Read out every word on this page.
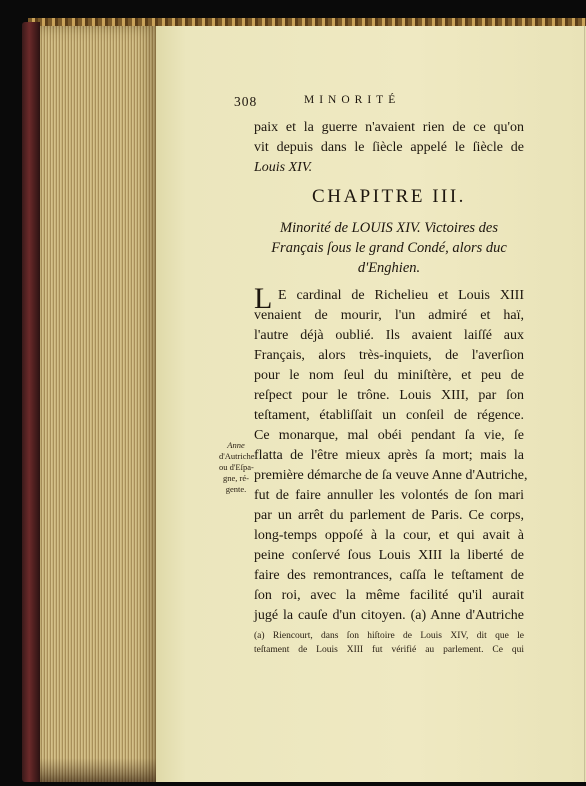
308	MINORITÉ
paix et la guerre n'avaient rien de ce qu'on
vit depuis dans le ſiècle appelé le ſiècle de
Louis XIV.
CHAPITRE III.
Minorité de LOUIS XIV. Victoires des
Français ſous le grand Condé, alors duc
d'Enghien.
L E cardinal de Richelieu et Louis XIII
venaient de mourir, l'un admiré et haï,
l'autre déjà oublié. Ils avaient laiſſé aux
Français, alors très-inquiets, de l'averſion
pour le nom ſeul du miniſtère, et peu de
reſpect pour le trône. Louis XIII, par ſon
teſtament, établiſſait un conſeil de régence.
Ce monarque, mal obéi pendant ſa vie, ſe
flatta de l'être mieux après ſa mort; mais la
première démarche de ſa veuve Anne d'Autriche,
fut de faire annuller les volontés de ſon mari
par un arrêt du parlement de Paris. Ce corps,
long-temps oppoſé à la cour, et qui avait à
peine conſervé ſous Louis XIII la liberté de
faire des remontrances, caſſa le teſtament de
ſon roi, avec la même facilité qu'il aurait
jugé la cauſe d'un citoyen. (a) Anne d'Autriche
Anne
d'Autriche
ou d'Eſpa-
gne, ré-
gente.
(a) Riencourt, dans ſon hiſtoire de Louis XIV, dit que le
teſtament de Louis XIII fut vérifié au parlement. Ce qui
